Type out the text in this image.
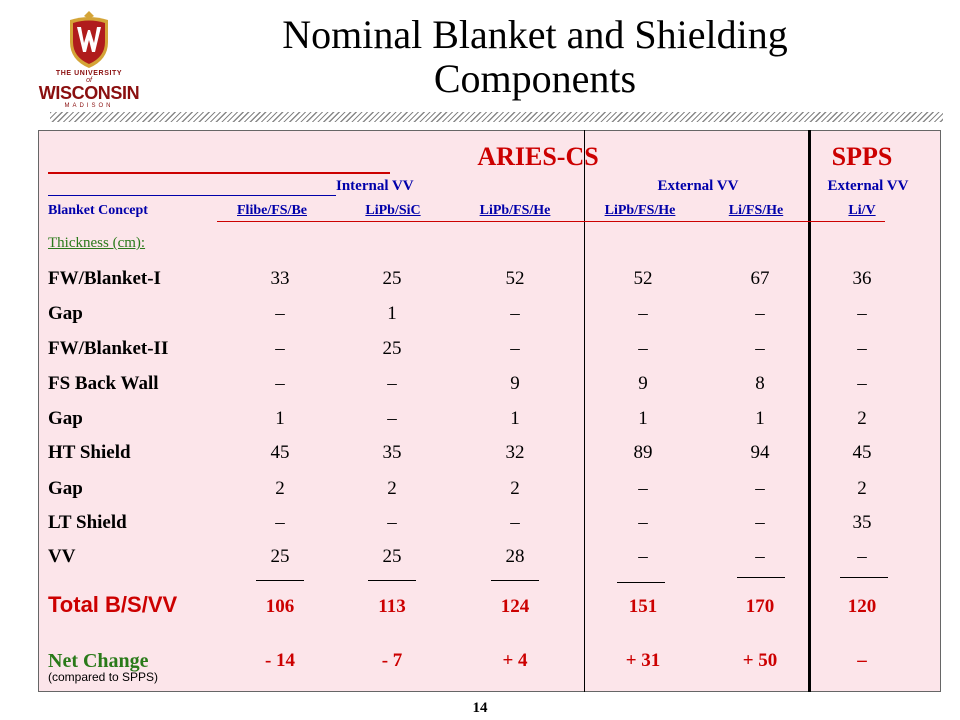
THE UNIVERSITY
of
WISCONSIN
MADISON
Nominal Blanket and Shielding
Components
ARIES-CS	SPPS
Internal VV	External VV	External VV
Blanket Concept	Flibe/FS/Be	LiPb/SiC	LiPb/FS/He	LiPb/FS/He	Li/FS/He	Li/V
Thickness (cm):
FW/Blanket-I	33	25	52	52	67	36
Gap	–	1	–	–	–	–
FW/Blanket-II	–	25	–	–	–	–
FS Back Wall	–	–	9	9	8	–
Gap	1	–	1	1	1	2
HT Shield	45	35	32	89	94	45
Gap	2	2	2	–	–	2
LT Shield	–	–	–	–	–	35
VV	25	25	28	–	–	–
Total B/S/VV	106	113	124	151	170	120
Net Change
(compared to SPPS)
- 14	- 7	+ 4	+ 31	+ 50	–
14
